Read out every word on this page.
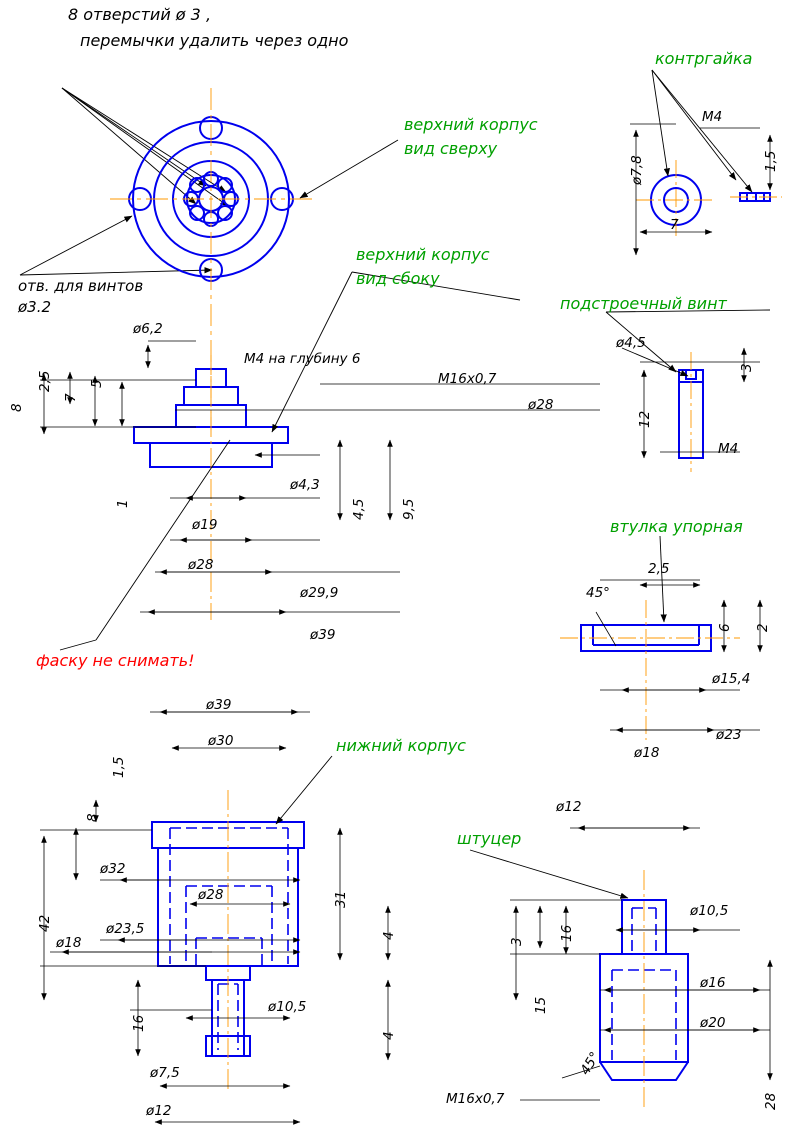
8 отверстий ø 3 ,
перемычки удалить через одно
отв. для винтов
ø3.2
фаску не снимать!
верхний корпус
вид сверху
верхний корпус
вид сбоку
контргайка
подстроечный винт
втулка упорная
нижний корпус
штуцер
ø7,8
M4
1,5
7
ø6,2
M4 на глубину 6
M16x0,7
ø28
2,5
7
5
8
1
ø4,3
4,5	9,5
ø19
ø28
ø29,9
ø39
ø4,5
3
12
M4
45°
2,5
6 2
ø15,4
ø18
ø23
ø39
ø30
1,5
8
ø32
ø28
ø23,5
ø18
42
31
4
4
16
ø10,5
ø7,5
ø12
ø12
ø10,5
ø16
ø20
3	16
15
28
45°
M16x0,7
